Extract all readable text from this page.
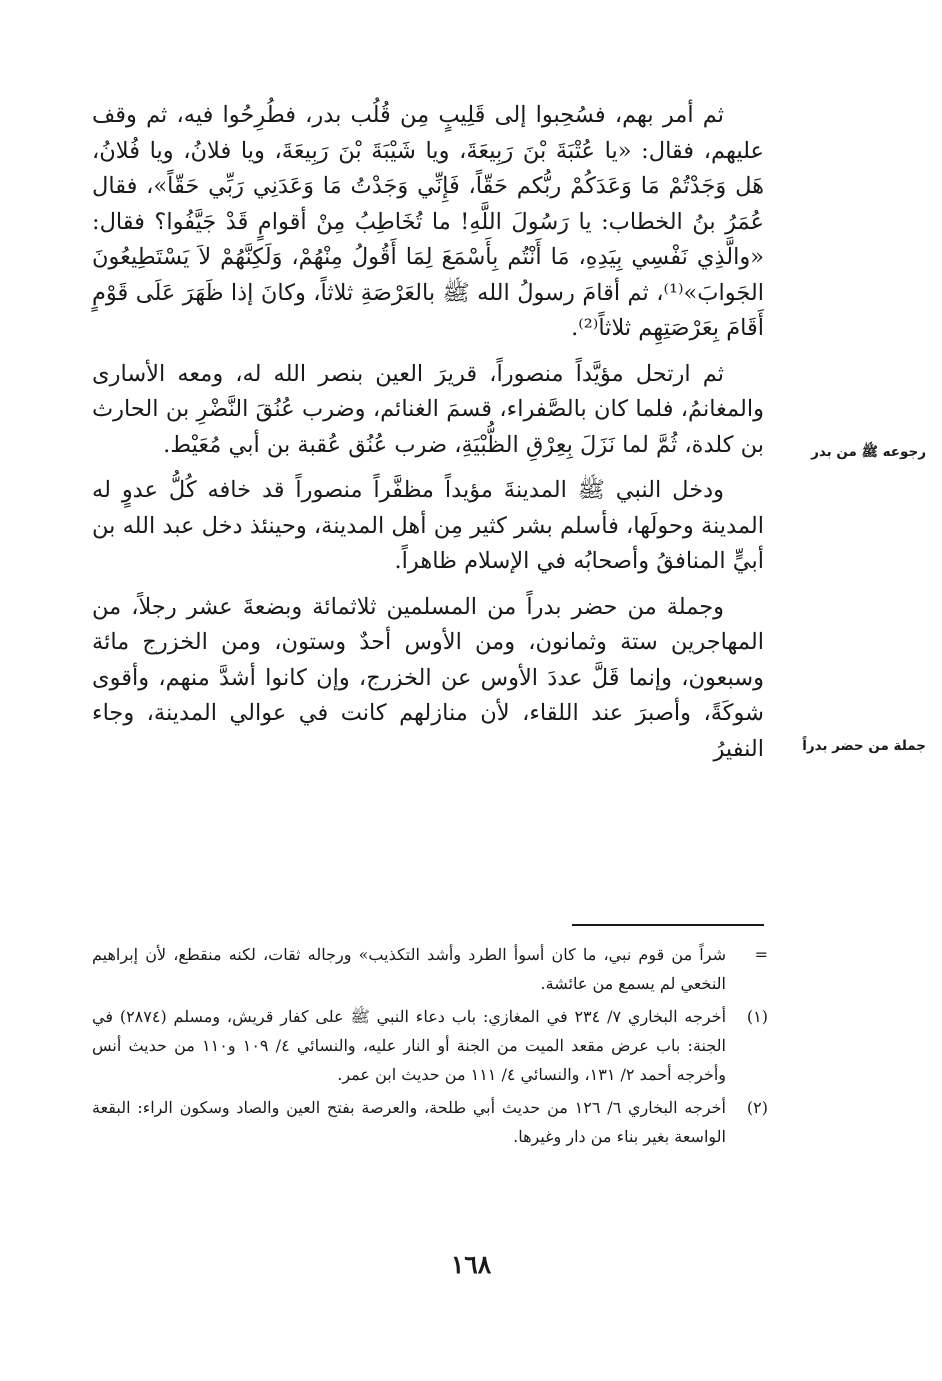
ثم أمر بهم، فسُحِبوا إلى قَلِيبٍ مِن قُلُب بدر، فطُرِحُوا فيه، ثم وقف عليهم، فقال: «يا عُتْبَةَ بْنَ رَبِيعَةَ، ويا شَيْبَةَ بْنَ رَبِيعَةَ، ويا فلانُ، ويا فُلانُ، هَل وَجَدْتُمْ مَا وَعَدَكُمْ ربُّكم حَقّاً، فَإِنِّي وَجَدْتُ مَا وَعَدَنِي رَبِّي حَقّاً»، فقال عُمَرُ بنُ الخطاب: يا رَسُولَ اللَّهِ! ما تُخَاطِبُ مِنْ أقوامٍ قَدْ جَيَّفُوا؟ فقال: «والَّذِي نَفْسِي بِيَدِهِ، مَا أَنْتُم بِأَسْمَعَ لِمَا أَقُولُ مِنْهُمْ، وَلَكِنَّهُمْ لاَ يَسْتَطِيعُونَ الجَوابَ»⁽¹⁾، ثم أقامَ رسولُ الله ﷺ بالعَرْصَةِ ثلاثاً، وكانَ إذا ظَهَرَ عَلَى قَوْمٍ أَقَامَ بِعَرْصَتِهِم ثلاثاً⁽²⁾.

ثم ارتحل مؤيَّداً منصوراً، قريرَ العين بنصر الله له، ومعه الأسارى والمغانمُ، فلما كان بالصَّفراء، قسمَ الغنائم، وضرب عُنُقَ النَّضْرِ بن الحارث بن كلدة، ثُمَّ لما نَزَلَ بِعِرْقِ الظُّبْيَةِ، ضرب عُنُق عُقبة بن أبي مُعَيْط.

ودخل النبي ﷺ المدينةَ مؤيداً مظفَّراً منصوراً قد خافه كُلُّ عدوٍ له المدينة وحولَها، فأسلم بشر كثير مِن أهل المدينة، وحينئذ دخل عبد الله بن أبيٍّ المنافقُ وأصحابُه في الإسلام ظاهراً.

وجملة من حضر بدراً من المسلمين ثلاثمائة وبضعةَ عشر رجلاً، من المهاجرين ستة وثمانون، ومن الأوس أحدٌ وستون، ومن الخزرج مائة وسبعون، وإنما قَلَّ عددَ الأوس عن الخزرج، وإن كانوا أشدَّ منهم، وأقوى شوكَةً، وأصبرَ عند اللقاء، لأن منازلهم كانت في عوالي المدينة، وجاء النفيرُ

رجوعه ﷺ من بدر
جملة من حضر بدراً
=
شراً من قوم نبي، ما كان أسوأ الطرد وأشد التكذيب» ورجاله ثقات، لكنه منقطع، لأن إبراهيم النخعي لم يسمع من عائشة.
(١)
أخرجه البخاري ٧/ ٢٣٤ في المغازي: باب دعاء النبي ﷺ على كفار قريش، ومسلم (٢٨٧٤) في الجنة: باب عرض مقعد الميت من الجنة أو النار عليه، والنسائي ٤/ ١٠٩ و١١٠ من حديث أنس وأخرجه أحمد ٢/ ١٣١، والنسائي ٤/ ١١١ من حديث ابن عمر.
(٢)
أخرجه البخاري ٦/ ١٢٦ من حديث أبي طلحة، والعرصة بفتح العين والصاد وسكون الراء: البقعة الواسعة بغير بناء من دار وغيرها.
١٦٨
